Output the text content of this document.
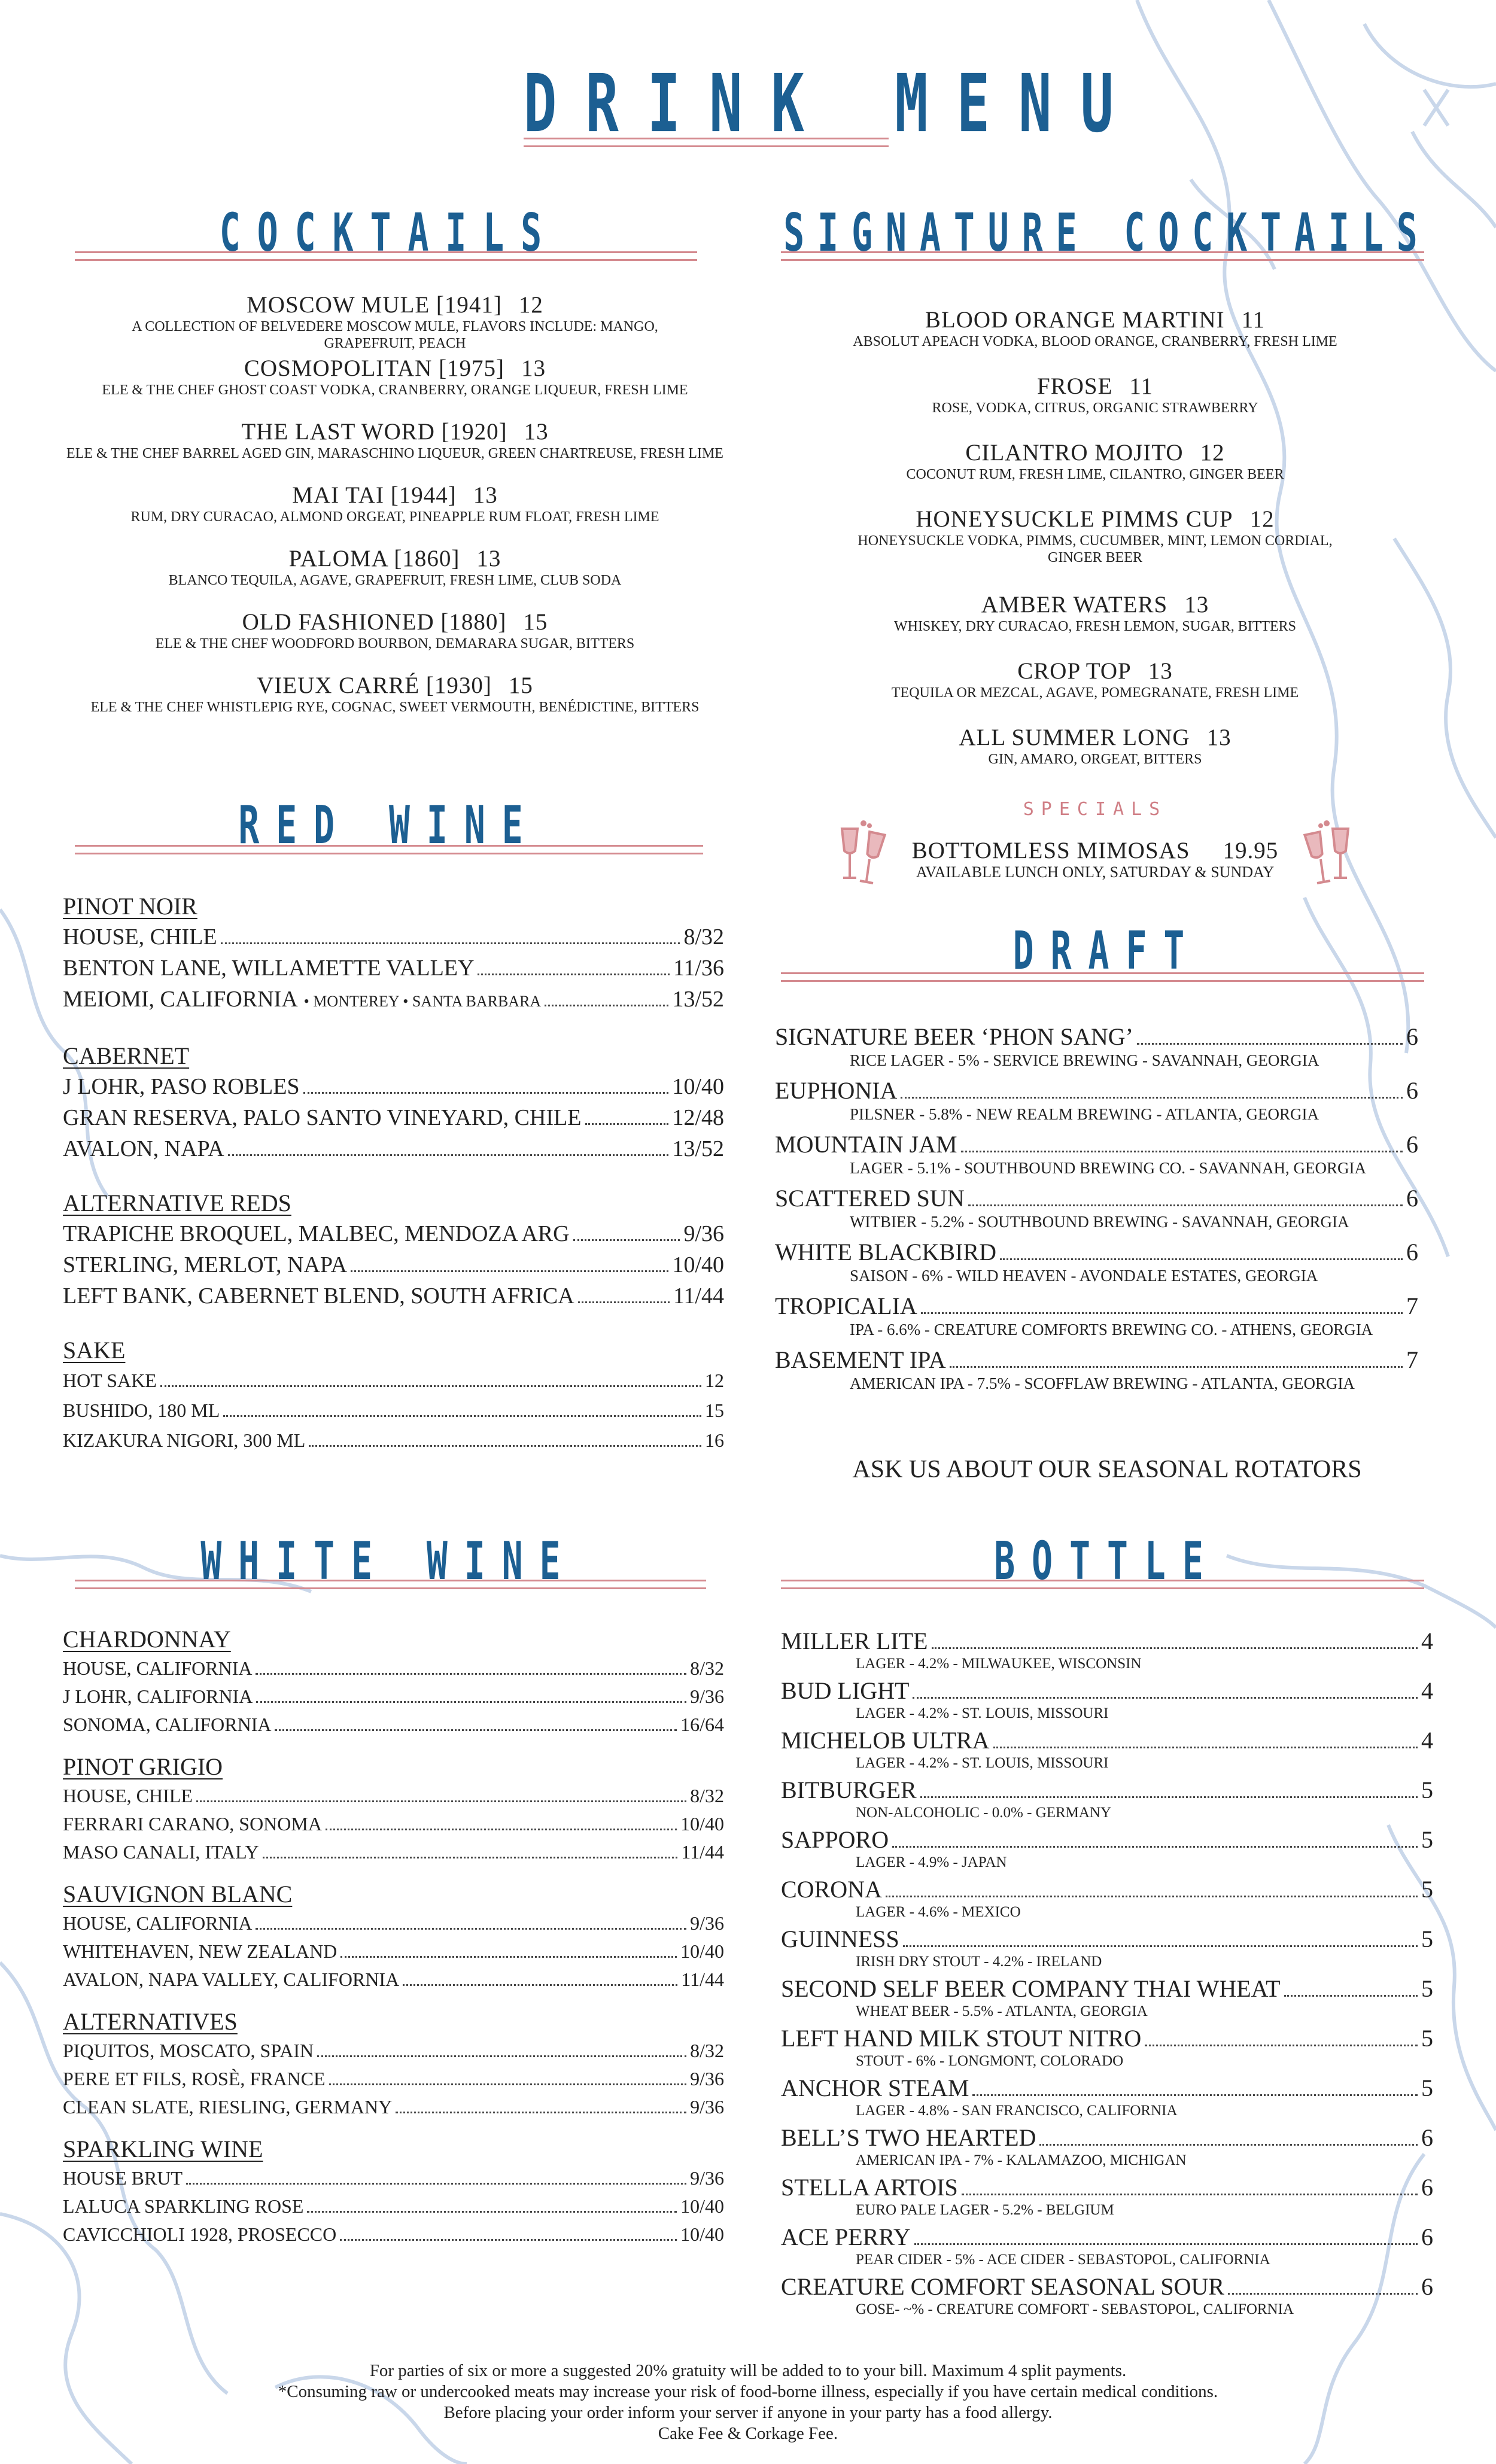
DRINK MENU
COCKTAILS
MOSCOW MULE [1941] 12
A COLLECTION OF BELVEDERE MOSCOW MULE, FLAVORS INCLUDE: MANGO, GRAPEFRUIT, PEACH
COSMOPOLITAN [1975] 13
ELE & THE CHEF GHOST COAST VODKA, CRANBERRY, ORANGE LIQUEUR, FRESH LIME
THE LAST WORD [1920] 13
ELE & THE CHEF BARREL AGED GIN, MARASCHINO LIQUEUR, GREEN CHARTREUSE, FRESH LIME
MAI TAI [1944] 13
RUM, DRY CURACAO, ALMOND ORGEAT, PINEAPPLE RUM FLOAT, FRESH LIME
PALOMA [1860] 13
BLANCO TEQUILA, AGAVE, GRAPEFRUIT, FRESH LIME, CLUB SODA
OLD FASHIONED [1880] 15
ELE & THE CHEF WOODFORD BOURBON, DEMARARA SUGAR, BITTERS
VIEUX CARRÉ [1930] 15
ELE & THE CHEF WHISTLEPIG RYE, COGNAC, SWEET VERMOUTH, BENÉDICTINE, BITTERS
SIGNATURE COCKTAILS
BLOOD ORANGE MARTINI 11
ABSOLUT APEACH VODKA, BLOOD ORANGE, CRANBERRY, FRESH LIME
FROSE 11
ROSE, VODKA, CITRUS, ORGANIC STRAWBERRY
CILANTRO MOJITO 12
COCONUT RUM, FRESH LIME, CILANTRO, GINGER BEER
HONEYSUCKLE PIMMS CUP 12
HONEYSUCKLE VODKA, PIMMS, CUCUMBER, MINT, LEMON CORDIAL, GINGER BEER
AMBER WATERS 13
WHISKEY, DRY CURACAO, FRESH LEMON, SUGAR, BITTERS
CROP TOP 13
TEQUILA OR MEZCAL, AGAVE, POMEGRANATE, FRESH LIME
ALL SUMMER LONG 13
GIN, AMARO, ORGEAT, BITTERS
SPECIALS
BOTTOMLESS MIMOSAS 19.95
AVAILABLE LUNCH ONLY, SATURDAY & SUNDAY
RED WINE
PINOT NOIR
HOUSE, CHILE	8/32
BENTON LANE, WILLAMETTE VALLEY	11/36
MEIOMI, CALIFORNIA • MONTEREY • SANTA BARBARA	13/52
CABERNET
J LOHR, PASO ROBLES	10/40
GRAN RESERVA, PALO SANTO VINEYARD, CHILE	12/48
AVALON, NAPA	13/52
ALTERNATIVE REDS
TRAPICHE BROQUEL, MALBEC, MENDOZA ARG	9/36
STERLING, MERLOT, NAPA	10/40
LEFT BANK, CABERNET BLEND, SOUTH AFRICA	11/44
SAKE
HOT SAKE	12
BUSHIDO, 180 ML	15
KIZAKURA NIGORI, 300 ML	16
DRAFT
SIGNATURE BEER ‘PHON SANG’	6
RICE LAGER - 5% - SERVICE BREWING - SAVANNAH, GEORGIA
EUPHONIA	6
PILSNER - 5.8% - NEW REALM BREWING - ATLANTA, GEORGIA
MOUNTAIN JAM	6
LAGER - 5.1% - SOUTHBOUND BREWING CO. - SAVANNAH, GEORGIA
SCATTERED SUN	6
WITBIER - 5.2% - SOUTHBOUND BREWING - SAVANNAH, GEORGIA
WHITE BLACKBIRD	6
SAISON - 6% - WILD HEAVEN - AVONDALE ESTATES, GEORGIA
TROPICALIA	7
IPA - 6.6% - CREATURE COMFORTS BREWING CO. - ATHENS, GEORGIA
BASEMENT IPA	7
AMERICAN IPA - 7.5% - SCOFFLAW BREWING - ATLANTA, GEORGIA
ASK US ABOUT OUR SEASONAL ROTATORS
WHITE WINE
CHARDONNAY
HOUSE, CALIFORNIA	8/32
J LOHR, CALIFORNIA	9/36
SONOMA, CALIFORNIA	16/64
PINOT GRIGIO
HOUSE, CHILE	8/32
FERRARI CARANO, SONOMA	10/40
MASO CANALI, ITALY	11/44
SAUVIGNON BLANC
HOUSE, CALIFORNIA	9/36
WHITEHAVEN, NEW ZEALAND	10/40
AVALON, NAPA VALLEY, CALIFORNIA	11/44
ALTERNATIVES
PIQUITOS, MOSCATO, SPAIN	8/32
PERE ET FILS, ROSÈ, FRANCE	9/36
CLEAN SLATE, RIESLING, GERMANY	9/36
SPARKLING WINE
HOUSE BRUT	9/36
LALUCA SPARKLING ROSE	10/40
CAVICCHIOLI 1928, PROSECCO	10/40
BOTTLE
MILLER LITE	4
LAGER - 4.2% - MILWAUKEE, WISCONSIN
BUD LIGHT	4
LAGER - 4.2% - ST. LOUIS, MISSOURI
MICHELOB ULTRA	4
LAGER - 4.2% - ST. LOUIS, MISSOURI
BITBURGER	5
NON-ALCOHOLIC - 0.0% - GERMANY
SAPPORO	5
LAGER - 4.9% - JAPAN
CORONA	5
LAGER - 4.6% - MEXICO
GUINNESS	5
IRISH DRY STOUT - 4.2% - IRELAND
SECOND SELF BEER COMPANY THAI WHEAT	5
WHEAT BEER - 5.5% - ATLANTA, GEORGIA
LEFT HAND MILK STOUT NITRO	5
STOUT - 6% - LONGMONT, COLORADO
ANCHOR STEAM	5
LAGER - 4.8% - SAN FRANCISCO, CALIFORNIA
BELL’S TWO HEARTED	6
AMERICAN IPA - 7% - KALAMAZOO, MICHIGAN
STELLA ARTOIS	6
EURO PALE LAGER - 5.2% - BELGIUM
ACE PERRY	6
PEAR CIDER - 5% - ACE CIDER - SEBASTOPOL, CALIFORNIA
CREATURE COMFORT SEASONAL SOUR	6
GOSE- ~% - CREATURE COMFORT - SEBASTOPOL, CALIFORNIA
For parties of six or more a suggested 20% gratuity will be added to to your bill. Maximum 4 split payments.
*Consuming raw or undercooked meats may increase your risk of food-borne illness, especially if you have certain medical conditions.
Before placing your order inform your server if anyone in your party has a food allergy.
Cake Fee & Corkage Fee.
